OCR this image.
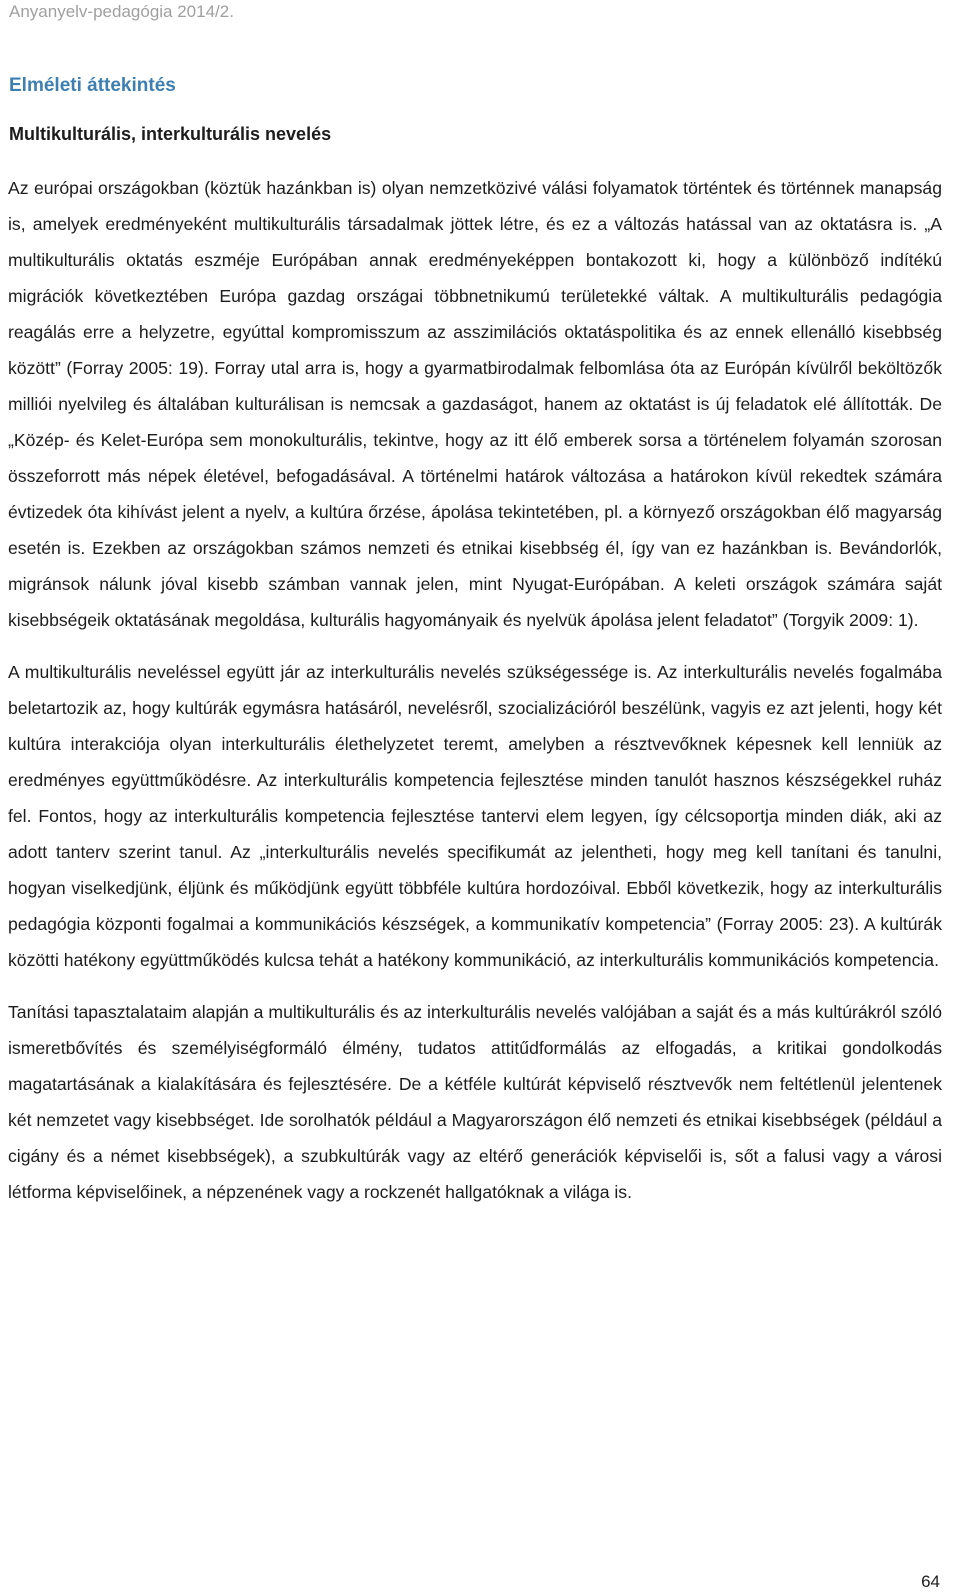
Anyanyelv-pedagógia 2014/2.
Elméleti áttekintés
Multikulturális, interkulturális nevelés

Az európai országokban (köztük hazánkban is) olyan nemzetközivé válási folyamatok történtek és történnek manapság is, amelyek eredményeként multikulturális társadalmak jöttek létre, és ez a változás hatással van az oktatásra is. „A multikulturális oktatás eszméje Európában annak eredményeképpen bontakozott ki, hogy a különböző indítékú migrációk következtében Európa gazdag országai többnetnikumú területekké váltak. A multikulturális pedagógia reagálás erre a helyzetre, egyúttal kompromisszum az asszimilációs oktatáspolitika és az ennek ellenálló kisebbség között” (Forray 2005: 19). Forray utal arra is, hogy a gyarmatbirodalmak felbomlása óta az Európán kívülről beköltözők milliói nyelvileg és általában kulturálisan is nemcsak a gazdaságot, hanem az oktatást is új feladatok elé állították. De „Közép- és Kelet-Európa sem monokulturális, tekintve, hogy az itt élő emberek sorsa a történelem folyamán szorosan összeforrott más népek életével, befogadásával. A történelmi határok változása a határokon kívül rekedtek számára évtizedek óta kihívást jelent a nyelv, a kultúra őrzése, ápolása tekintetében, pl. a környező országokban élő magyarság esetén is. Ezekben az országokban számos nemzeti és etnikai kisebbség él, így van ez hazánkban is. Bevándorlók, migránsok nálunk jóval kisebb számban vannak jelen, mint Nyugat-Európában. A keleti országok számára saját kisebbségeik oktatásának megoldása, kulturális hagyományaik és nyelvük ápolása jelent feladatot” (Torgyik 2009: 1).

A multikulturális neveléssel együtt jár az interkulturális nevelés szükségessége is. Az interkulturális nevelés fogalmába beletartozik az, hogy kultúrák egymásra hatásáról, nevelésről, szocializációról beszélünk, vagyis ez azt jelenti, hogy két kultúra interakciója olyan interkulturális élethelyzetet teremt, amelyben a résztvevőknek képesnek kell lenniük az eredményes együttműködésre. Az interkulturális kompetencia fejlesztése minden tanulót hasznos készségekkel ruház fel. Fontos, hogy az interkulturális kompetencia fejlesztése tantervi elem legyen, így célcsoportja minden diák, aki az adott tanterv szerint tanul. Az „interkulturális nevelés specifikumát az jelentheti, hogy meg kell tanítani és tanulni, hogyan viselkedjünk, éljünk és működjünk együtt többféle kultúra hordozóival. Ebből következik, hogy az interkulturális pedagógia központi fogalmai a kommunikációs készségek, a kommunikatív kompetencia” (Forray 2005: 23). A kultúrák közötti hatékony együttműködés kulcsa tehát a hatékony kommunikáció, az interkulturális kommunikációs kompetencia.

Tanítási tapasztalataim alapján a multikulturális és az interkulturális nevelés valójában a saját és a más kultúrákról szóló ismeretbővítés és személyiségformáló élmény, tudatos attitűdformálás az elfogadás, a kritikai gondolkodás magatartásának a kialakítására és fejlesztésére. De a kétféle kultúrát képviselő résztvevők nem feltétlenül jelentenek két nemzetet vagy kisebbséget. Ide sorolhatók például a Magyarországon élő nemzeti és etnikai kisebbségek (például a cigány és a német kisebbségek), a szubkultúrák vagy az eltérő generációk képviselői is, sőt a falusi vagy a városi létforma képviselőinek, a népzenének vagy a rockzenét hallgatóknak a világa is.

64
